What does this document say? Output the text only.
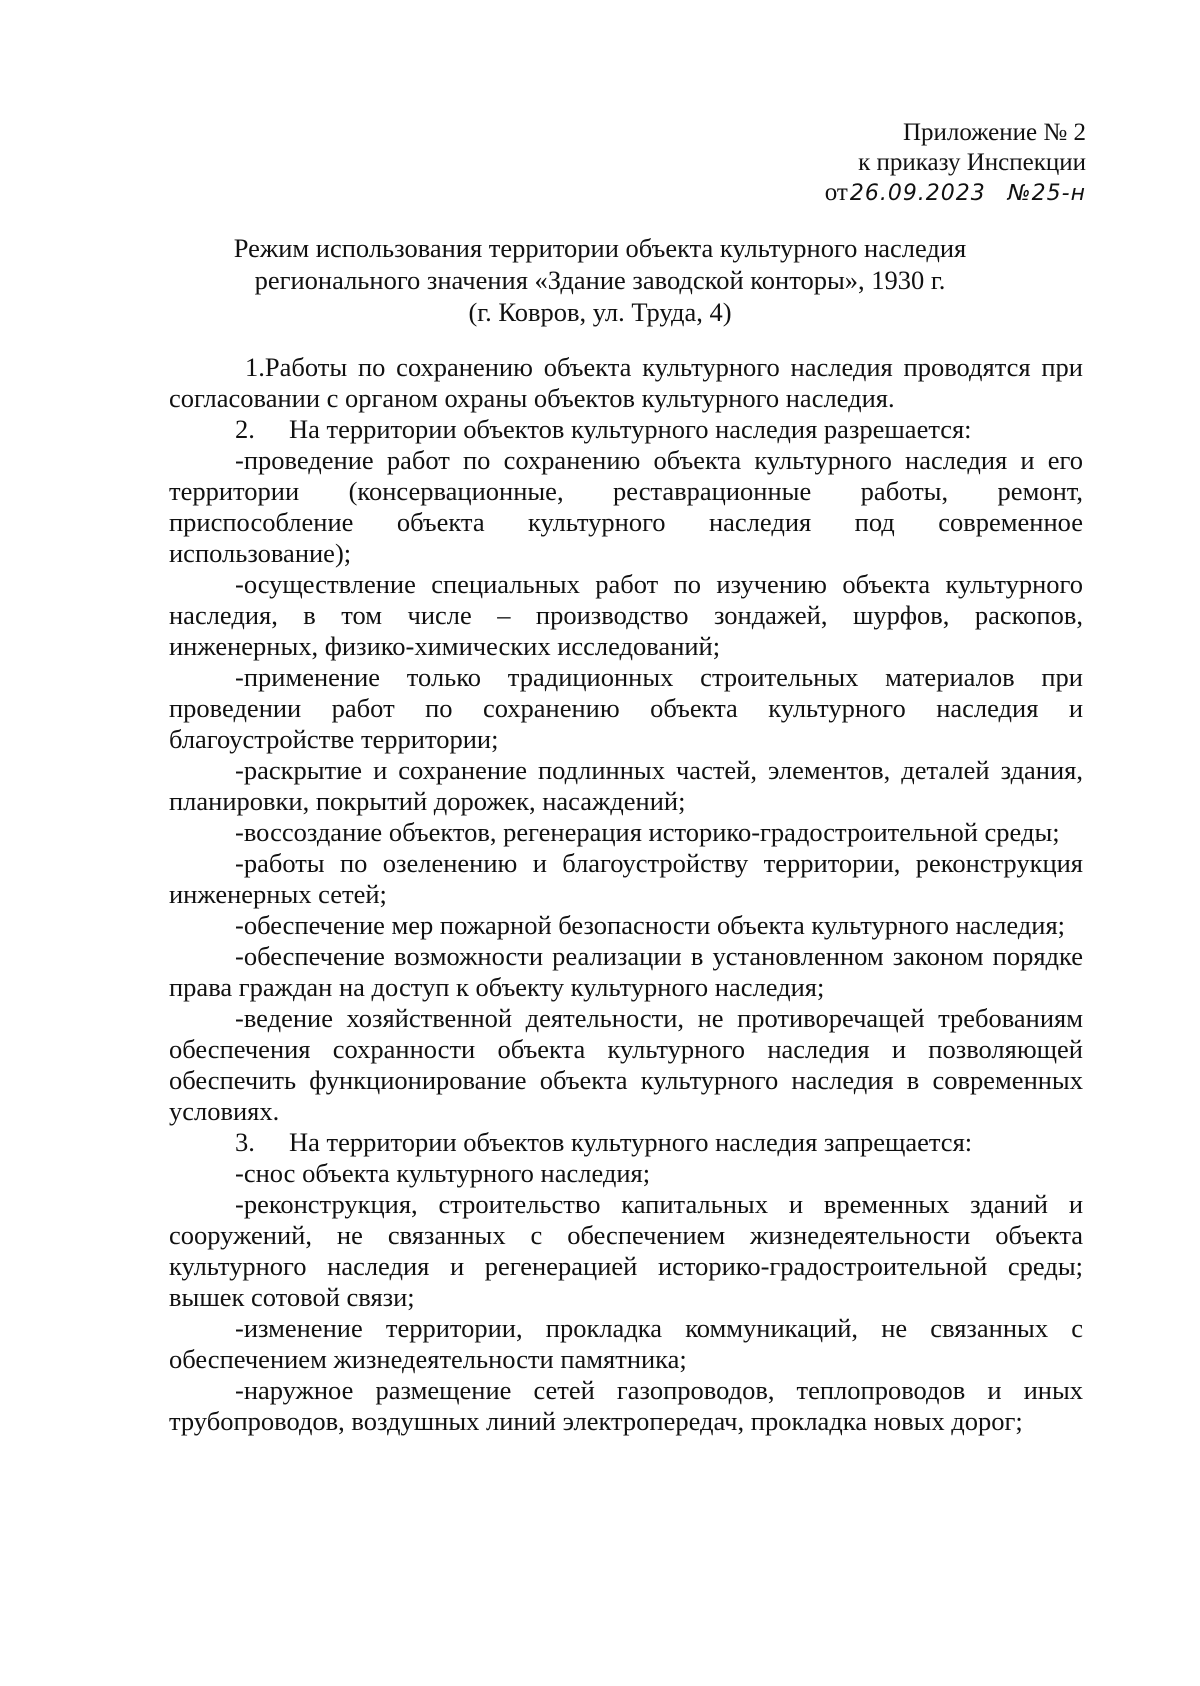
Приложение № 2
к приказу Инспекции
от26.09.2023 №25-н
Режим использования территории объекта культурного наследия
регионального значения «Здание заводской конторы», 1930 г.
(г. Ковров, ул. Труда, 4)

1.Работы по сохранению объекта культурного наследия проводятся при согласовании с органом охраны объектов культурного наследия.

2. На территории объектов культурного наследия разрешается:

-проведение работ по сохранению объекта культурного наследия и его территории (консервационные, реставрационные работы, ремонт, приспособление объекта культурного наследия под современное использование);

-осуществление специальных работ по изучению объекта культурного наследия, в том числе – производство зондажей, шурфов, раскопов, инженерных, физико-химических исследований;

-применение только традиционных строительных материалов при проведении работ по сохранению объекта культурного наследия и благоустройстве территории;

-раскрытие и сохранение подлинных частей, элементов, деталей здания, планировки, покрытий дорожек, насаждений;

-воссоздание объектов, регенерация историко-градостроительной среды;

-работы по озеленению и благоустройству территории, реконструкция инженерных сетей;

-обеспечение мер пожарной безопасности объекта культурного наследия;

-обеспечение возможности реализации в установленном законом порядке права граждан на доступ к объекту культурного наследия;

-ведение хозяйственной деятельности, не противоречащей требованиям обеспечения сохранности объекта культурного наследия и позволяющей обеспечить функционирование объекта культурного наследия в современных условиях.

3. На территории объектов культурного наследия запрещается:

-снос объекта культурного наследия;

-реконструкция, строительство капитальных и временных зданий и сооружений, не связанных с обеспечением жизнедеятельности объекта культурного наследия и регенерацией историко-градостроительной среды; вышек сотовой связи;

-изменение территории, прокладка коммуникаций, не связанных с обеспечением жизнедеятельности памятника;

-наружное размещение сетей газопроводов, теплопроводов и иных трубопроводов, воздушных линий электропередач, прокладка новых дорог;
